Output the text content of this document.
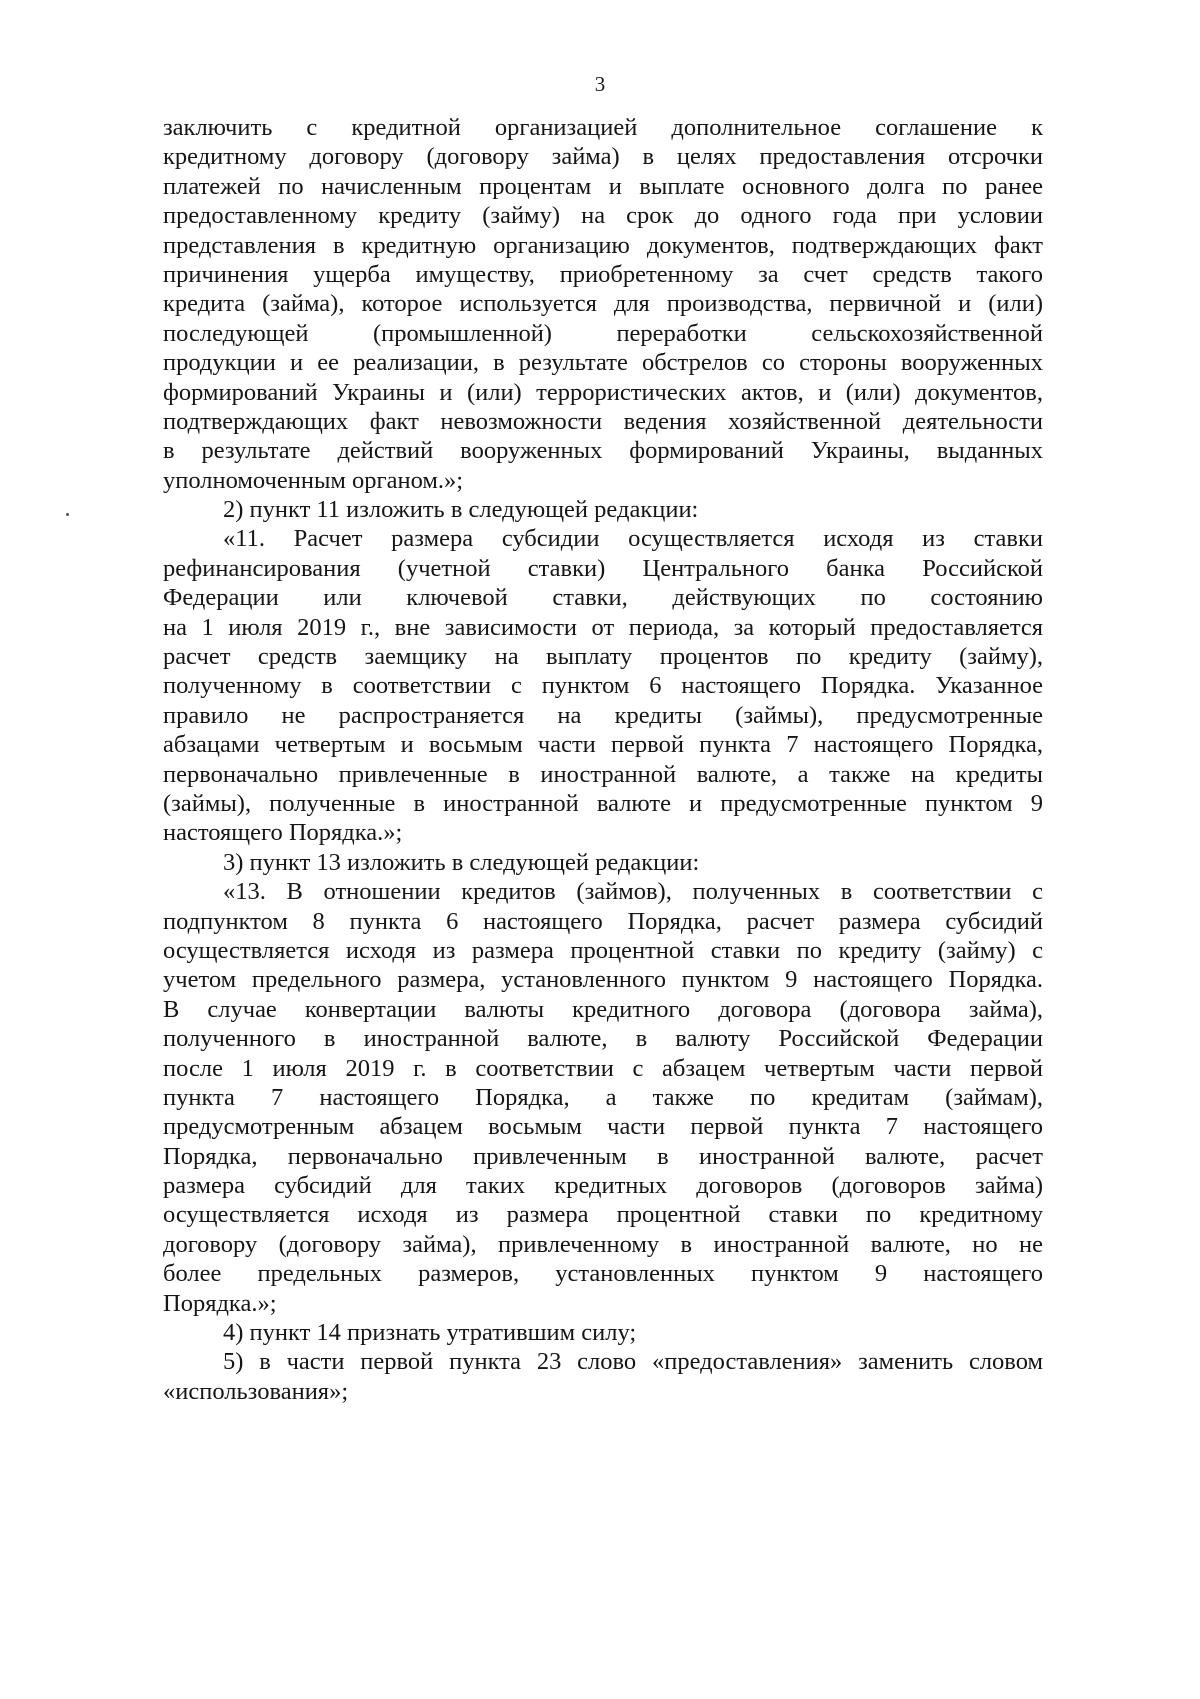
3
заключить с кредитной организацией дополнительное соглашение к
кредитному договору (договору займа) в целях предоставления отсрочки
платежей по начисленным процентам и выплате основного долга по ранее
предоставленному кредиту (займу) на срок до одного года при условии
представления в кредитную организацию документов, подтверждающих факт
причинения ущерба имуществу, приобретенному за счет средств такого
кредита (займа), которое используется для производства, первичной и (или)
последующей (промышленной) переработки сельскохозяйственной
продукции и ее реализации, в результате обстрелов со стороны вооруженных
формирований Украины и (или) террористических актов, и (или) документов,
подтверждающих факт невозможности ведения хозяйственной деятельности
в результате действий вооруженных формирований Украины, выданных
уполномоченным органом.»;
2) пункт 11 изложить в следующей редакции:
«11. Расчет размера субсидии осуществляется исходя из ставки
рефинансирования (учетной ставки) Центрального банка Российской
Федерации или ключевой ставки, действующих по состоянию
на 1 июля 2019 г., вне зависимости от периода, за который предоставляется
расчет средств заемщику на выплату процентов по кредиту (займу),
полученному в соответствии с пунктом 6 настоящего Порядка. Указанное
правило не распространяется на кредиты (займы), предусмотренные
абзацами четвертым и восьмым части первой пункта 7 настоящего Порядка,
первоначально привлеченные в иностранной валюте, а также на кредиты
(займы), полученные в иностранной валюте и предусмотренные пунктом 9
настоящего Порядка.»;
3) пункт 13 изложить в следующей редакции:
«13. В отношении кредитов (займов), полученных в соответствии с
подпунктом 8 пункта 6 настоящего Порядка, расчет размера субсидий
осуществляется исходя из размера процентной ставки по кредиту (займу) с
учетом предельного размера, установленного пунктом 9 настоящего Порядка.
В случае конвертации валюты кредитного договора (договора займа),
полученного в иностранной валюте, в валюту Российской Федерации
после 1 июля 2019 г. в соответствии с абзацем четвертым части первой
пункта 7 настоящего Порядка, а также по кредитам (займам),
предусмотренным абзацем восьмым части первой пункта 7 настоящего
Порядка, первоначально привлеченным в иностранной валюте, расчет
размера субсидий для таких кредитных договоров (договоров займа)
осуществляется исходя из размера процентной ставки по кредитному
договору (договору займа), привлеченному в иностранной валюте, но не
более предельных размеров, установленных пунктом 9 настоящего
Порядка.»;
4) пункт 14 признать утратившим силу;
5) в части первой пункта 23 слово «предоставления» заменить словом
«использования»;
